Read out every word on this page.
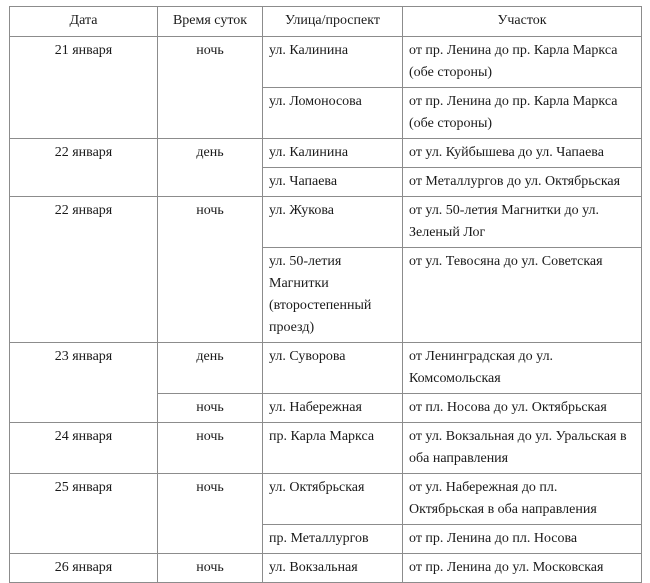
Дата	Время суток	Улица/проспект	Участок
21 января	ночь	ул. Калинина	от пр. Ленина до пр. Карла Маркса (обе стороны)
		ул. Ломоносова	от пр. Ленина до пр. Карла Маркса (обе стороны)
22 января	день	ул. Калинина	от ул. Куйбышева до ул. Чапаева
		ул. Чапаева	от Металлургов до ул. Октябрьская
22 января	ночь	ул. Жукова	от ул. 50-летия Магнитки до ул. Зеленый Лог
		ул. 50-летия Магнитки (второстепенный проезд)	от ул. Тевосяна до ул. Советская
23 января	день	ул. Суворова	от Ленинградская до ул. Комсомольская
	ночь	ул. Набережная	от пл. Носова до ул. Октябрьская
24 января	ночь	пр. Карла Маркса	от ул. Вокзальная до ул. Уральская в оба направления
25 января	ночь	ул. Октябрьская	от ул. Набережная до пл. Октябрьская в оба направления
		пр. Металлургов	от пр. Ленина до пл. Носова
26 января	ночь	ул. Вокзальная	от пр. Ленина до ул. Московская
